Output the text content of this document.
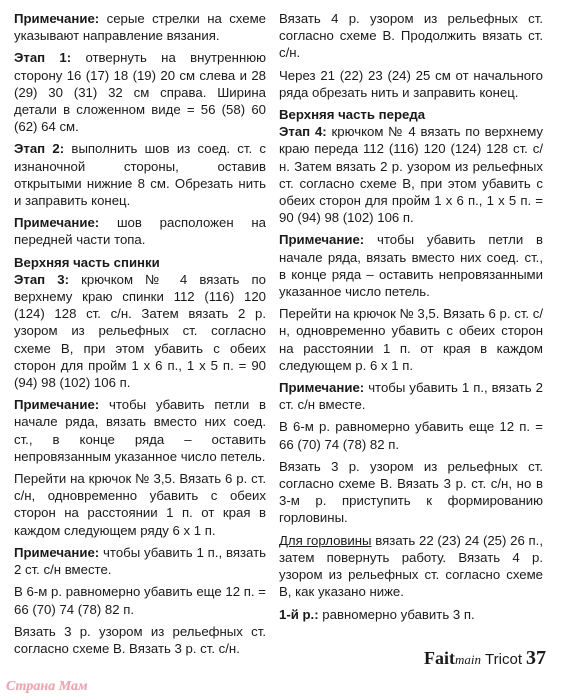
Примечание: серые стрелки на схеме указывают направление вязания.

Этап 1: отвернуть на внутреннюю сторону 16 (17) 18 (19) 20 см слева и 28 (29) 30 (31) 32 см справа. Ширина детали в сложенном виде = 56 (58) 60 (62) 64 см.

Этап 2: выполнить шов из соед. ст. с изнаночной стороны, оставив открытыми нижние 8 см. Обрезать нить и заправить конец.

Примечание: шов расположен на передней части топа.

Верхняя часть спинки

Этап 3: крючком № 4 вязать по верхнему краю спинки 112 (116) 120 (124) 128 ст. с/н. Затем вязать 2 р. узором из рельефных ст. согласно схеме В, при этом убавить с обеих сторон для пройм 1 х 6 п., 1 х 5 п. = 90 (94) 98 (102) 106 п.

Примечание: чтобы убавить петли в начале ряда, вязать вместо них соед. ст., в конце ряда – оставить непровязанным указанное число петель.

Перейти на крючок № 3,5. Вязать 6 р. ст. с/н, одновременно убавить с обеих сторон на расстоянии 1 п. от края в каждом следующем ряду 6 х 1 п.

Примечание: чтобы убавить 1 п., вязать 2 ст. с/н вместе.

В 6-м р. равномерно убавить еще 12 п. = 66 (70) 74 (78) 82 п.

Вязать 3 р. узором из рельефных ст. согласно схеме В. Вязать 3 р. ст. с/н.

Вязать 4 р. узором из рельефных ст. согласно схеме В. Продолжить вязать ст. с/н.

Через 21 (22) 23 (24) 25 см от начального ряда обрезать нить и заправить конец.

Верхняя часть переда

Этап 4: крючком № 4 вязать по верхнему краю переда 112 (116) 120 (124) 128 ст. с/н. Затем вязать 2 р. узором из рельефных ст. согласно схеме В, при этом убавить с обеих сторон для пройм 1 х 6 п., 1 х 5 п. = 90 (94) 98 (102) 106 п.

Примечание: чтобы убавить петли в начале ряда, вязать вместо них соед. ст., в конце ряда – оставить непровязанными указанное число петель.

Перейти на крючок № 3,5. Вязать 6 р. ст. с/н, одновременно убавить с обеих сторон на расстоянии 1 п. от края в каждом следующем р. 6 х 1 п.

Примечание: чтобы убавить 1 п., вязать 2 ст. с/н вместе.

В 6-м р. равномерно убавить еще 12 п. = 66 (70) 74 (78) 82 п.

Вязать 3 р. узором из рельефных ст. согласно схеме В. Вязать 3 р. ст. с/н, но в 3-м р. приступить к формированию горловины.

Для горловины вязать 22 (23) 24 (25) 26 п., затем повернуть работу. Вязать 4 р. узором из рельефных ст. согласно схеме В, как указано ниже.

1-й р.: равномерно убавить 3 п.

Faitmain Tricot 37
Страна Мам
